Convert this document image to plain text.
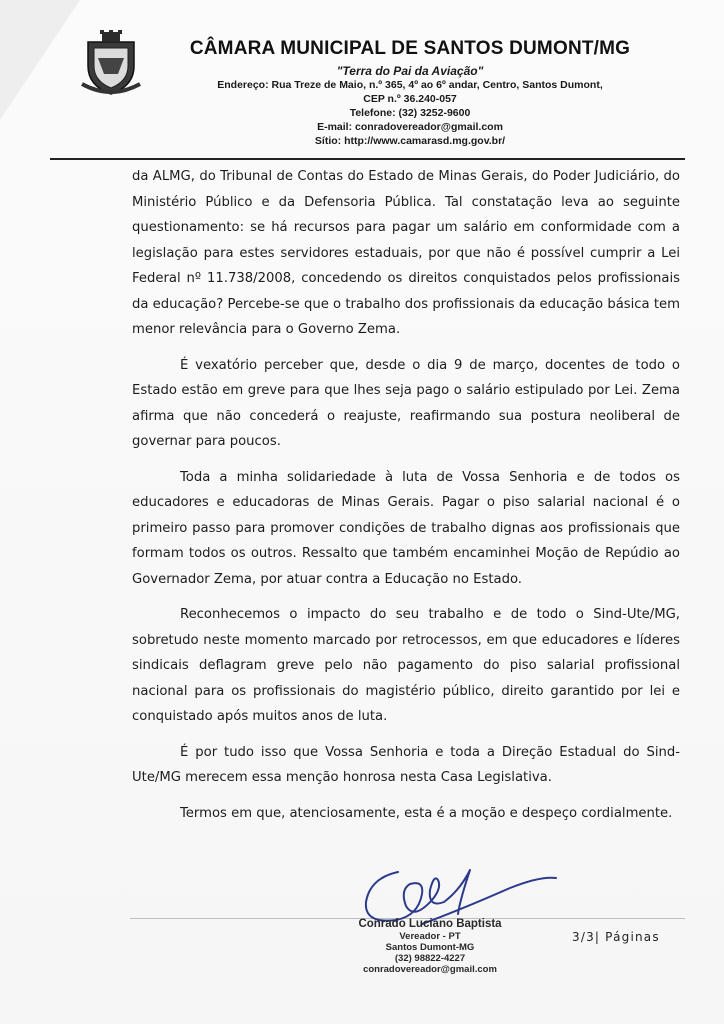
CÂMARA MUNICIPAL DE SANTOS DUMONT/MG
"Terra do Pai da Aviação"
Endereço: Rua Treze de Maio, n.º 365, 4º ao 6º andar, Centro, Santos Dumont,
CEP n.º 36.240-057
Telefone: (32) 3252-9600
E-mail: conradovereador@gmail.com
Sítio: http://www.camarasd.mg.gov.br/

da ALMG, do Tribunal de Contas do Estado de Minas Gerais, do Poder Judiciário, do Ministério Público e da Defensoria Pública. Tal constatação leva ao seguinte questionamento: se há recursos para pagar um salário em conformidade com a legislação para estes servidores estaduais, por que não é possível cumprir a Lei Federal nº 11.738/2008, concedendo os direitos conquistados pelos profissionais da educação? Percebe-se que o trabalho dos profissionais da educação básica tem menor relevância para o Governo Zema.

É vexatório perceber que, desde o dia 9 de março, docentes de todo o Estado estão em greve para que lhes seja pago o salário estipulado por Lei. Zema afirma que não concederá o reajuste, reafirmando sua postura neoliberal de governar para poucos.

Toda a minha solidariedade à luta de Vossa Senhoria e de todos os educadores e educadoras de Minas Gerais. Pagar o piso salarial nacional é o primeiro passo para promover condições de trabalho dignas aos profissionais que formam todos os outros. Ressalto que também encaminhei Moção de Repúdio ao Governador Zema, por atuar contra a Educação no Estado.

Reconhecemos o impacto do seu trabalho e de todo o Sind-Ute/MG, sobretudo neste momento marcado por retrocessos, em que educadores e líderes sindicais deflagram greve pelo não pagamento do piso salarial profissional nacional para os profissionais do magistério público, direito garantido por lei e conquistado após muitos anos de luta.

É por tudo isso que Vossa Senhoria e toda a Direção Estadual do Sind-Ute/MG merecem essa menção honrosa nesta Casa Legislativa.

Termos em que, atenciosamente, esta é a moção e despeço cordialmente.

Conrado Luciano Baptista
Vereador - PT
Santos Dumont-MG
(32) 98822-4227
conradovereador@gmail.com
3/3| Páginas
